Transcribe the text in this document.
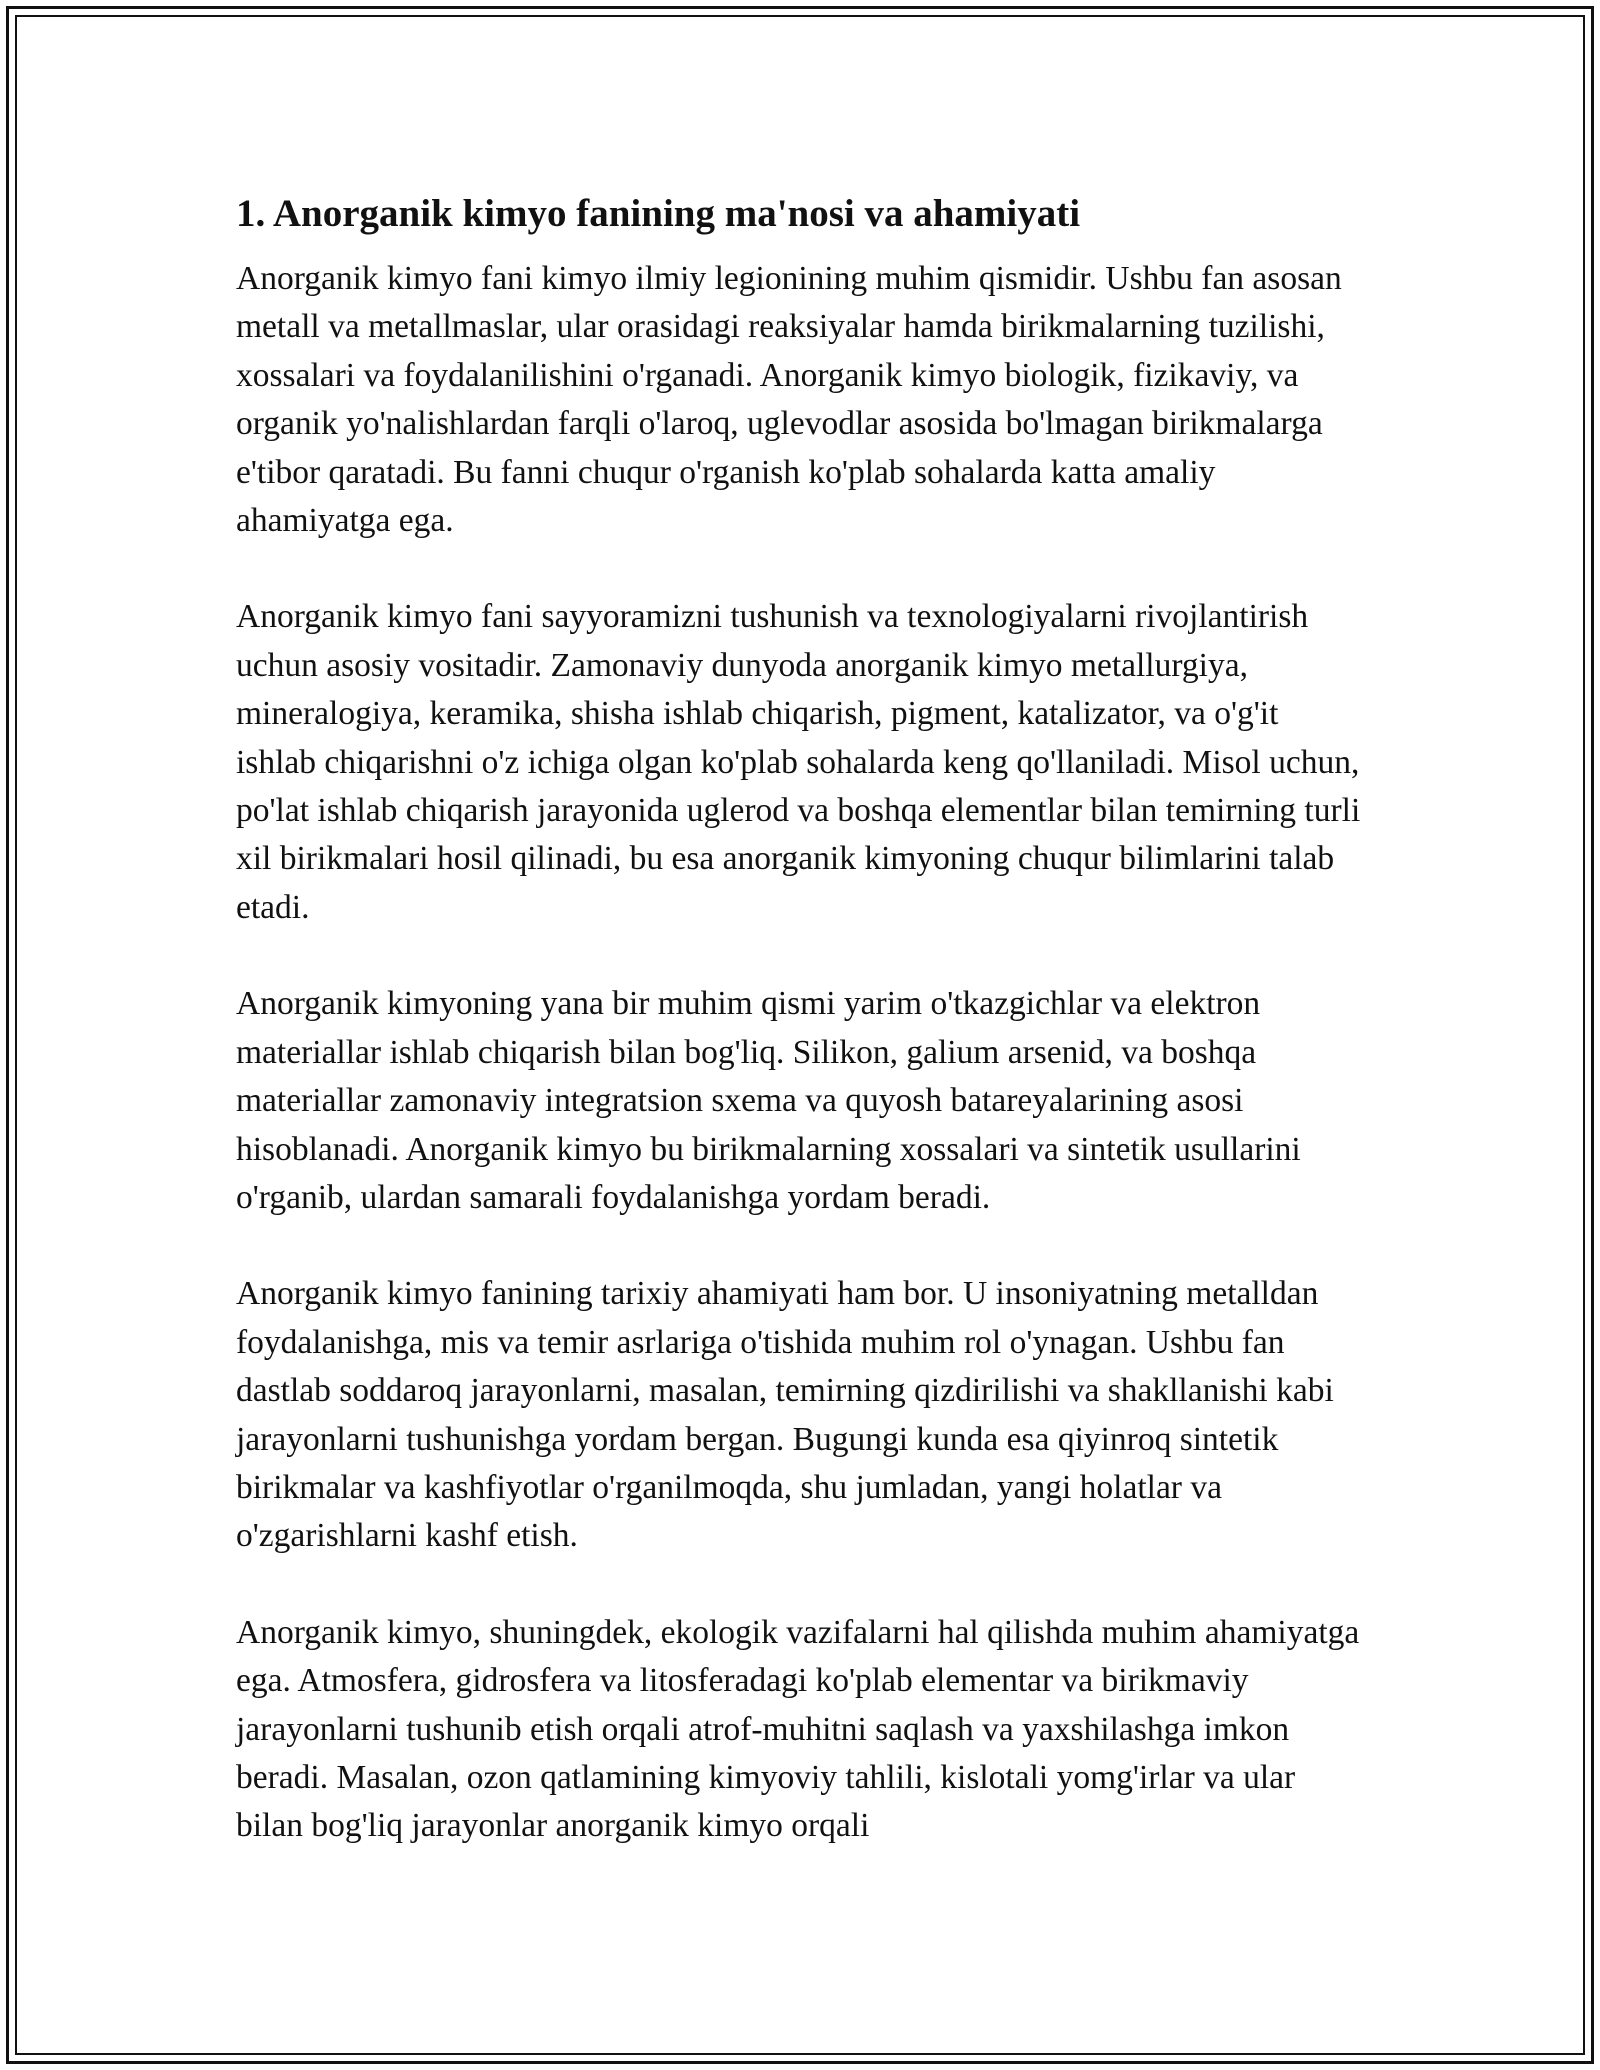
1. Anorganik kimyo fanining ma'nosi va ahamiyati

Anorganik kimyo fani kimyo ilmiy legionining muhim qismidir. Ushbu fan asosan metall va metallmaslar, ular orasidagi reaksiyalar hamda birikmalarning tuzilishi, xossalari va foydalanilishini o'rganadi. Anorganik kimyo biologik, fizikaviy, va organik yo'nalishlardan farqli o'laroq, uglevodlar asosida bo'lmagan birikmalarga e'tibor qaratadi. Bu fanni chuqur o'rganish ko'plab sohalarda katta amaliy ahamiyatga ega.

Anorganik kimyo fani sayyoramizni tushunish va texnologiyalarni rivojlantirish uchun asosiy vositadir. Zamonaviy dunyoda anorganik kimyo metallurgiya, mineralogiya, keramika, shisha ishlab chiqarish, pigment, katalizator, va o'g'it ishlab chiqarishni o'z ichiga olgan ko'plab sohalarda keng qo'llaniladi. Misol uchun, po'lat ishlab chiqarish jarayonida uglerod va boshqa elementlar bilan temirning turli xil birikmalari hosil qilinadi, bu esa anorganik kimyoning chuqur bilimlarini talab etadi.

Anorganik kimyoning yana bir muhim qismi yarim o'tkazgichlar va elektron materiallar ishlab chiqarish bilan bog'liq. Silikon, galium arsenid, va boshqa materiallar zamonaviy integratsion sxema va quyosh batareyalarining asosi hisoblanadi. Anorganik kimyo bu birikmalarning xossalari va sintetik usullarini o'rganib, ulardan samarali foydalanishga yordam beradi.

Anorganik kimyo fanining tarixiy ahamiyati ham bor. U insoniyatning metalldan foydalanishga, mis va temir asrlariga o'tishida muhim rol o'ynagan. Ushbu fan dastlab soddaroq jarayonlarni, masalan, temirning qizdirilishi va shakllanishi kabi jarayonlarni tushunishga yordam bergan. Bugungi kunda esa qiyinroq sintetik birikmalar va kashfiyotlar o'rganilmoqda, shu jumladan, yangi holatlar va o'zgarishlarni kashf etish.

Anorganik kimyo, shuningdek, ekologik vazifalarni hal qilishda muhim ahamiyatga ega. Atmosfera, gidrosfera va litosferadagi ko'plab elementar va birikmaviy jarayonlarni tushunib etish orqali atrof-muhitni saqlash va yaxshilashga imkon beradi. Masalan, ozon qatlamining kimyoviy tahlili, kislotali yomg'irlar va ular bilan bog'liq jarayonlar anorganik kimyo orqali
